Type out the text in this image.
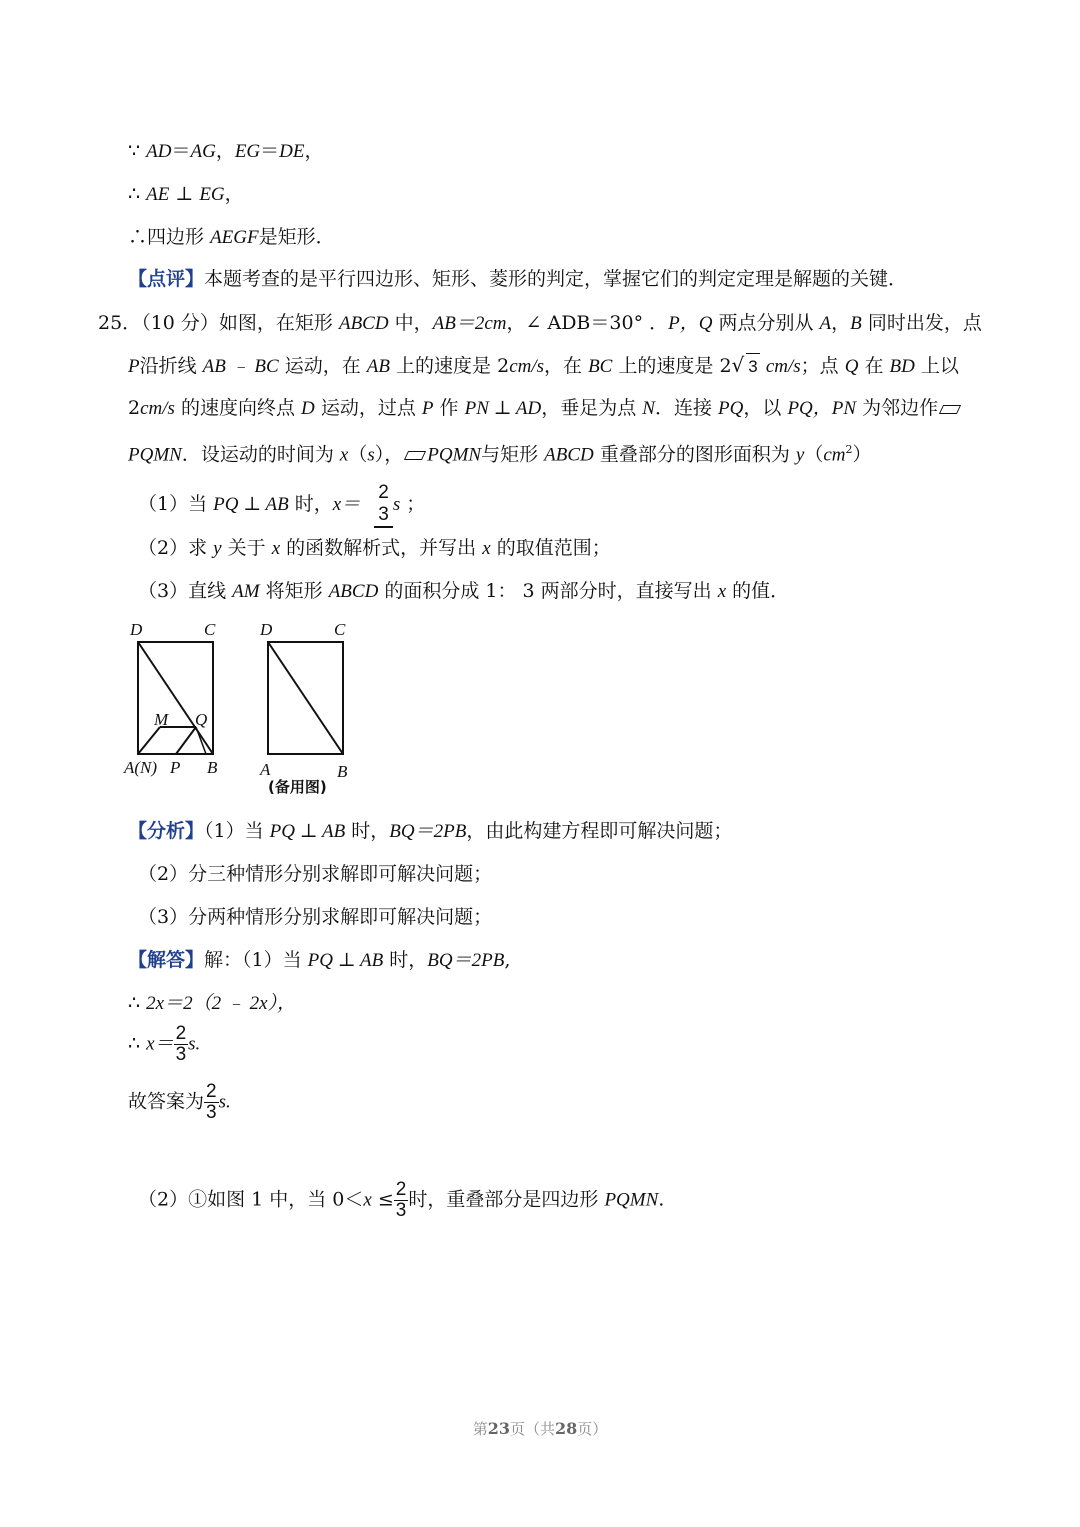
∵ AD＝AG，EG＝DE，
∴ AE ⊥ EG，
∴四边形 AEGF是矩形．
【点评】本题考查的是平行四边形、矩形、菱形的判定，掌握它们的判定定理是解题的关键．
25．（10 分）如图，在矩形 ABCD 中，AB＝2cm，∠ ADB＝30° ．P，Q 两点分别从 A，B 同时出发，点
P沿折线 AB ﹣ BC 运动，在 AB 上的速度是 2cm/s，在 BC 上的速度是 2√ 3 cm/s；点 Q 在 BD 上以
2cm/s 的速度向终点 D 运动，过点 P 作 PN ⊥ AD，垂足为点 N．连接 PQ，以 PQ，PN 为邻边作
PQMN．设运动的时间为 x（s）， PQMN与矩形 ABCD 重叠部分的图形面积为 $y(cm^2)$
（1）当 PQ ⊥ AB 时，x＝
2
3 s ；
（2）求 y 关于 x 的函数解析式，并写出 x 的取值范围；
（3）直线 AM 将矩形 ABCD 的面积分成 1： 3 两部分时，直接写出 x 的值．
D	C
M Q
A(N) P B
D	C
A	B
(备用图)
【分析】（1）当 PQ ⊥ AB 时，BQ＝2PB，由此构建方程即可解决问题；
（2）分三种情形分别求解即可解决问题；
（3）分两种情形分别求解即可解决问题；
【解答】解：（1）当 PQ ⊥ AB 时，BQ＝2PB,
∴ 2x＝2（2 ﹣ 2x），
∴ $x= \frac{2}{3} s$.
故答案为 $\frac{2}{3} s$.
（2）①如图 1 中，当 $0<x \le \frac{2}{3}$ 时，重叠部分是四边形 PQMN.
第23页（共28页）
